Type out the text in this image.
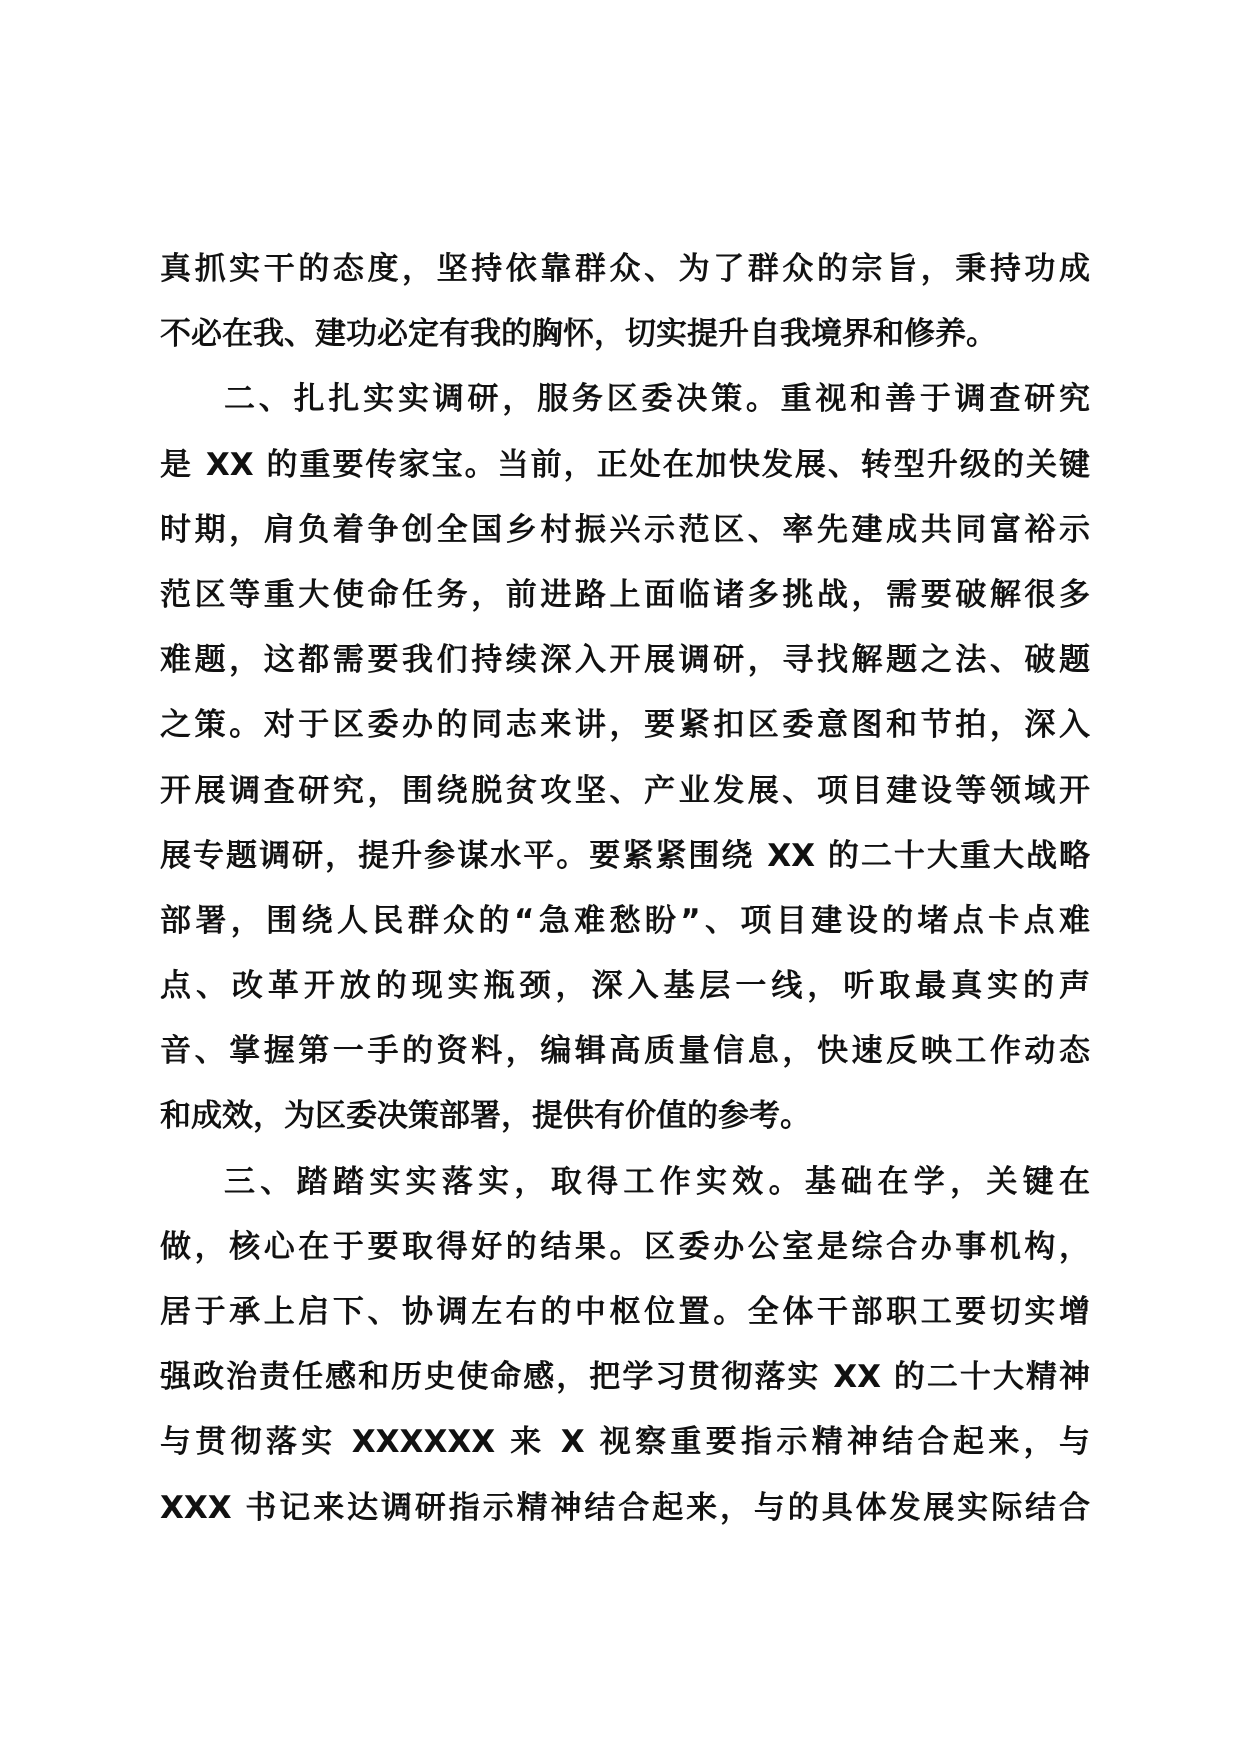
真抓实干的态度，坚持依靠群众、为了群众的宗旨，秉持功成
不必在我、建功必定有我的胸怀，切实提升自我境界和修养。
二、扎扎实实调研，服务区委决策。重视和善于调查研究
是 XX 的重要传家宝。当前，正处在加快发展、转型升级的关键
时期，肩负着争创全国乡村振兴示范区、率先建成共同富裕示
范区等重大使命任务，前进路上面临诸多挑战，需要破解很多
难题，这都需要我们持续深入开展调研，寻找解题之法、破题
之策。对于区委办的同志来讲，要紧扣区委意图和节拍，深入
开展调查研究，围绕脱贫攻坚、产业发展、项目建设等领域开
展专题调研，提升参谋水平。要紧紧围绕 XX 的二十大重大战略
部署，围绕人民群众的“急难愁盼”、项目建设的堵点卡点难
点、改革开放的现实瓶颈，深入基层一线，听取最真实的声
音、掌握第一手的资料，编辑高质量信息，快速反映工作动态
和成效，为区委决策部署，提供有价值的参考。
三、踏踏实实落实，取得工作实效。基础在学，关键在
做，核心在于要取得好的结果。区委办公室是综合办事机构，
居于承上启下、协调左右的中枢位置。全体干部职工要切实增
强政治责任感和历史使命感，把学习贯彻落实 XX 的二十大精神
与贯彻落实 XXXXXX 来 X 视察重要指示精神结合起来，与
XXX 书记来达调研指示精神结合起来，与的具体发展实际结合
